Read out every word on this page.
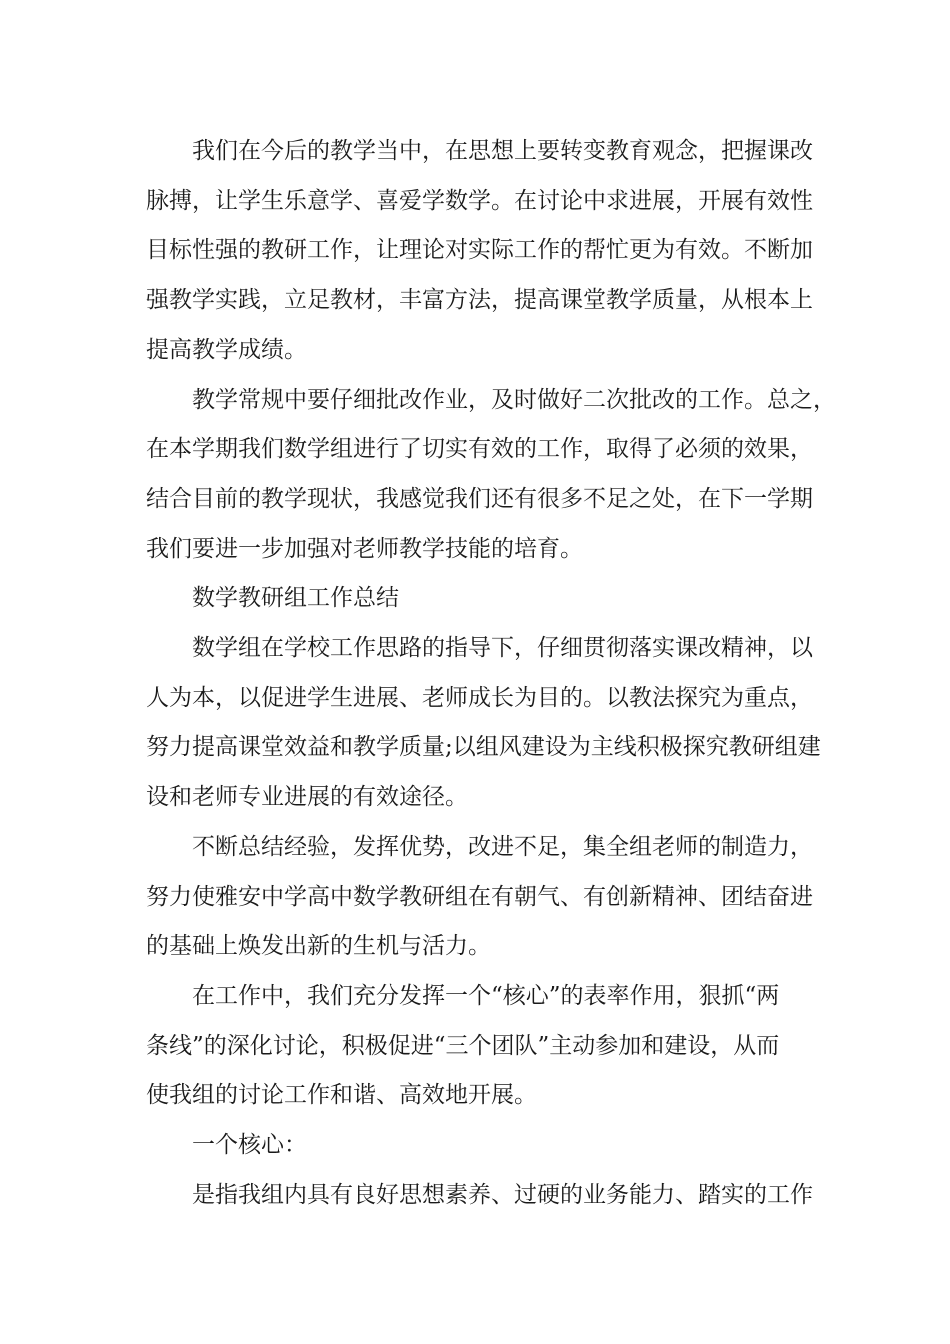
我们在今后的教学当中，在思想上要转变教育观念，把握课改
脉搏，让学生乐意学、喜爱学数学。在讨论中求进展，开展有效性
目标性强的教研工作，让理论对实际工作的帮忙更为有效。不断加
强教学实践，立足教材，丰富方法，提高课堂教学质量，从根本上
提高教学成绩。
教学常规中要仔细批改作业，及时做好二次批改的工作。总之，
在本学期我们数学组进行了切实有效的工作，取得了必须的效果，
结合目前的教学现状，我感觉我们还有很多不足之处，在下一学期
我们要进一步加强对老师教学技能的培育。
数学教研组工作总结
数学组在学校工作思路的指导下，仔细贯彻落实课改精神，以
人为本，以促进学生进展、老师成长为目的。以教法探究为重点，
努力提高课堂效益和教学质量;以组风建设为主线积极探究教研组建
设和老师专业进展的有效途径。
不断总结经验，发挥优势，改进不足，集全组老师的制造力，
努力使雅安中学高中数学教研组在有朝气、有创新精神、团结奋进
的基础上焕发出新的生机与活力。
在工作中，我们充分发挥一个“核心”的表率作用，狠抓“两
条线”的深化讨论，积极促进“三个团队”主动参加和建设，从而
使我组的讨论工作和谐、高效地开展。
一个核心：
是指我组内具有良好思想素养、过硬的业务能力、踏实的工作
